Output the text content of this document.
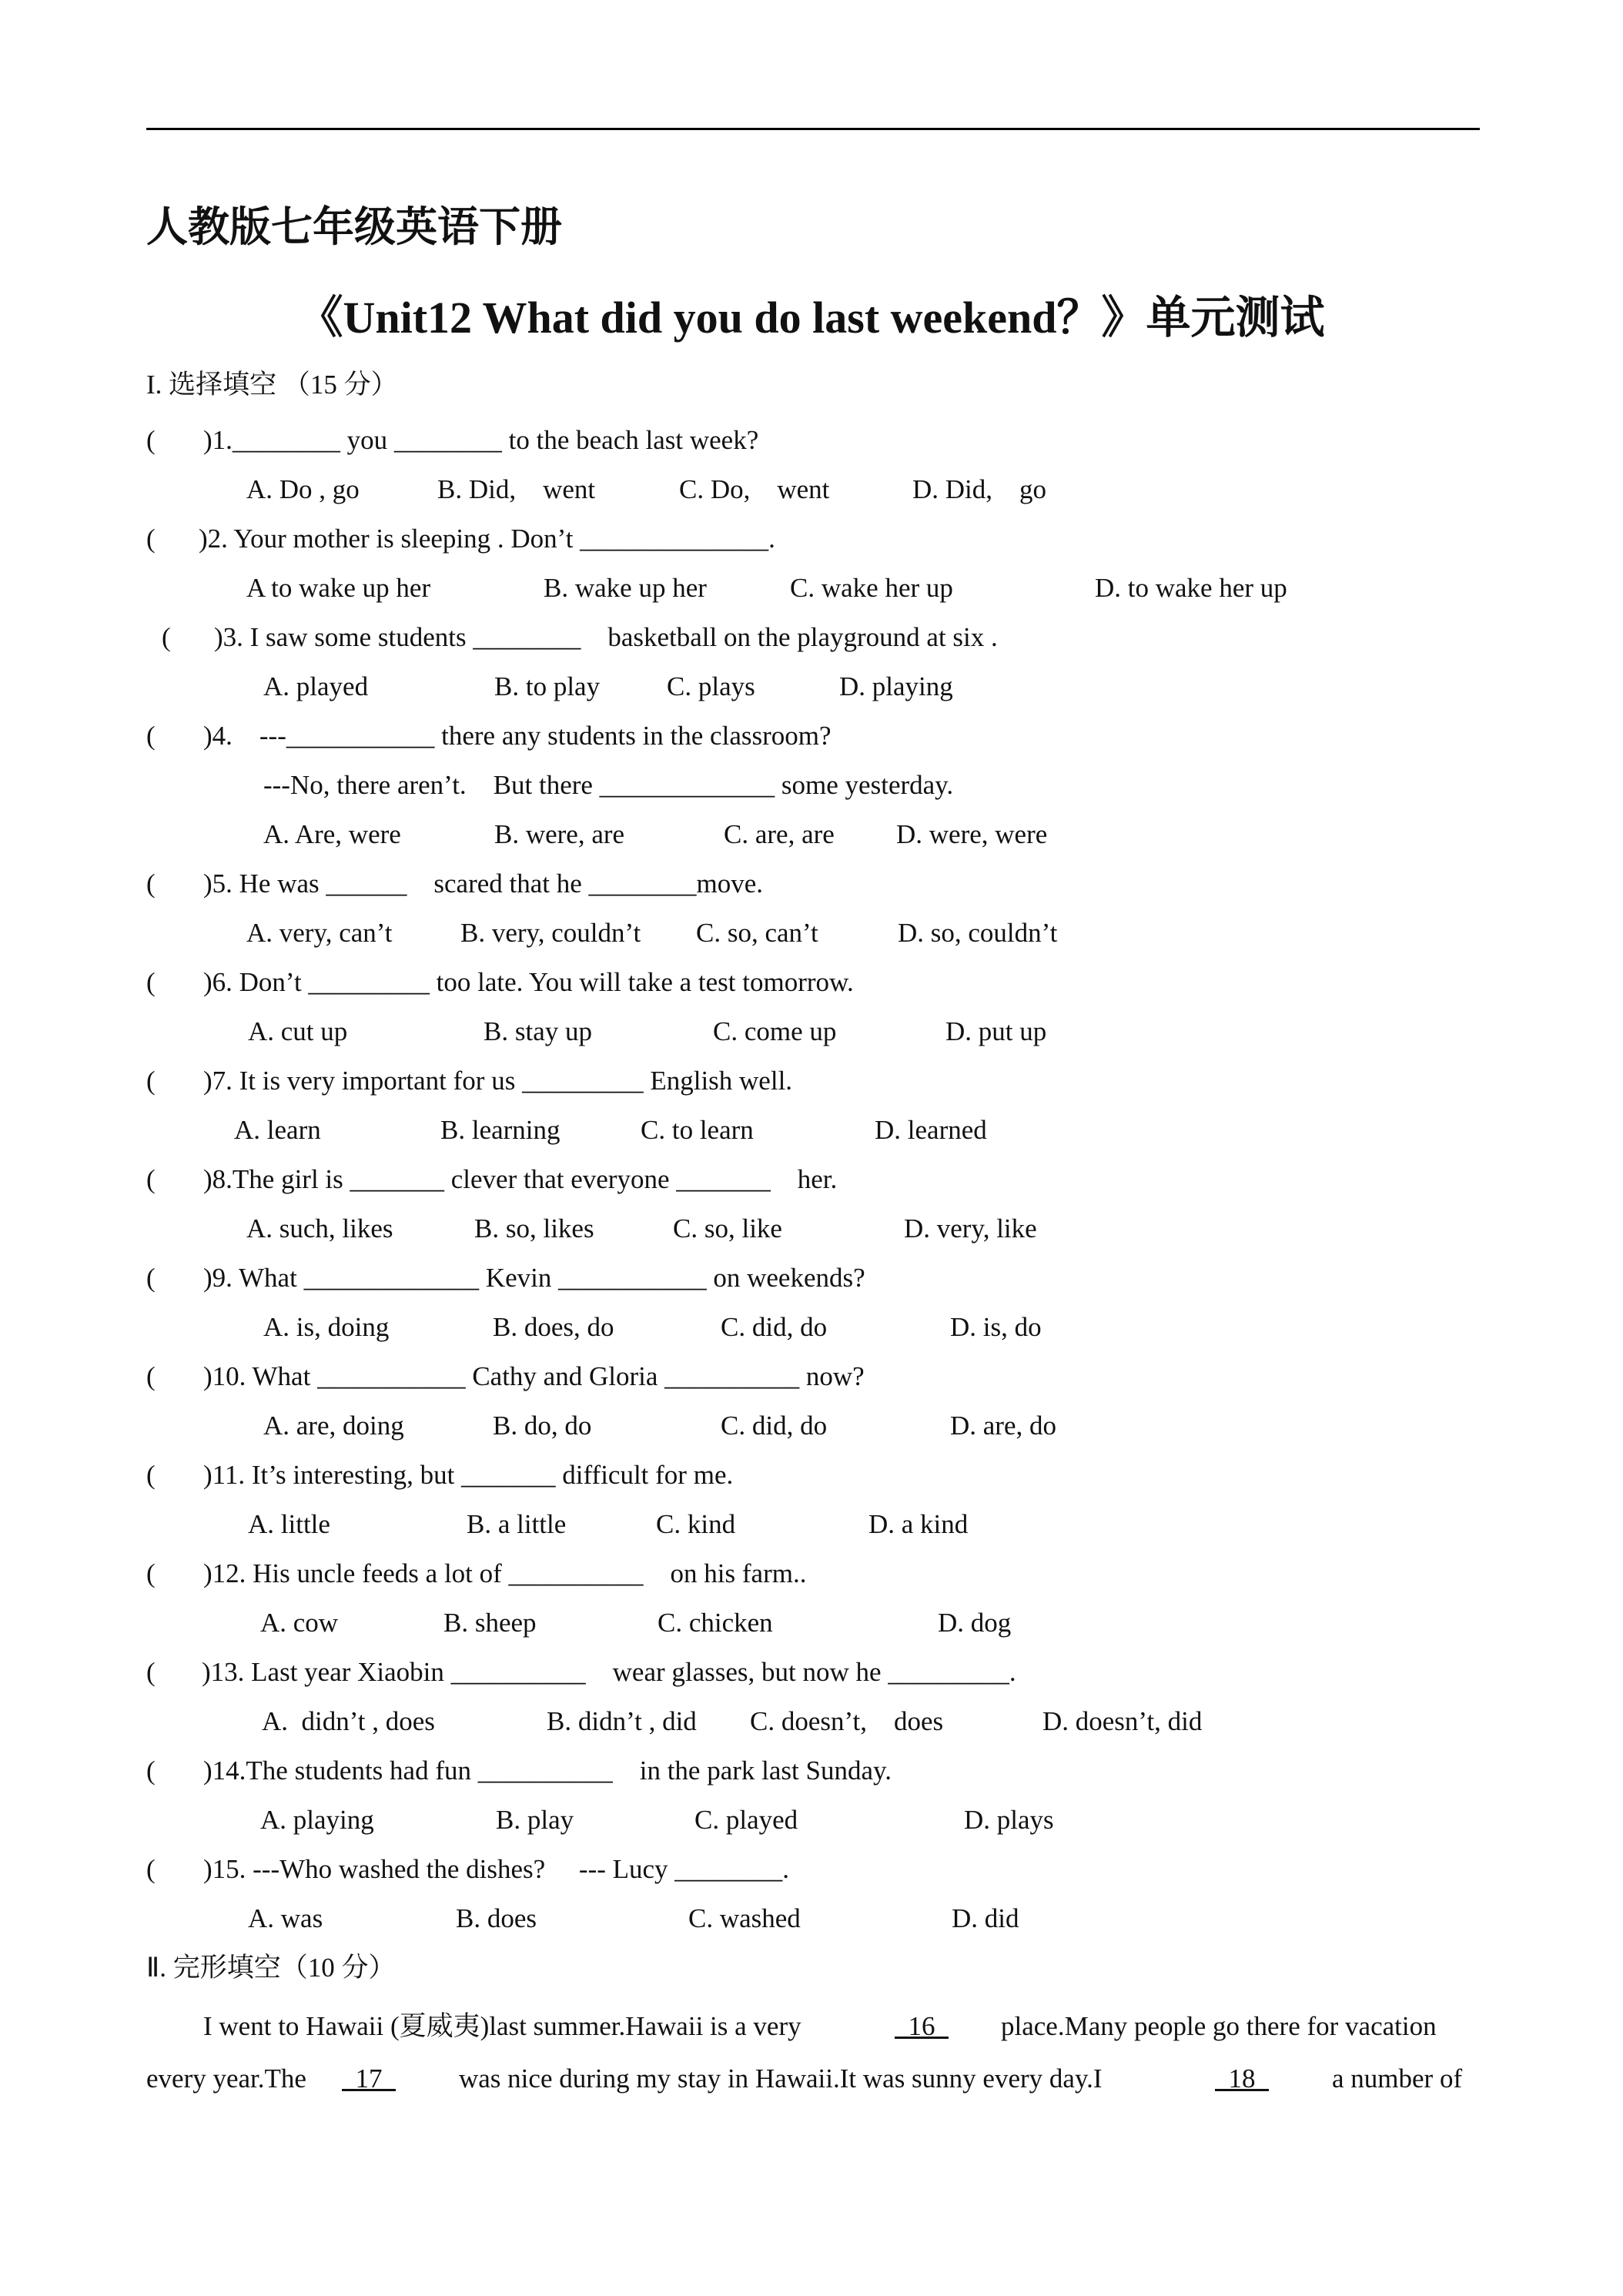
人教版七年级英语下册
《Unit12 What did you do last weekend？》单元测试
I. 选择填空 （15 分）
( )1.________ you ________ to the beach last week?
A. Do , go	B. Did,    went	C. Do,    went	D. Did,    go
( )2. Your mother is sleeping . Don’t ______________.
A to wake up her	B. wake up her	C. wake her up	D. to wake her up
( )3. I saw some students ________    basketball on the playground at six .
A. played	B. to play C. plays	D. playing
( )4.    ---___________ there any students in the classroom?
---No, there aren’t.    But there _____________ some yesterday.
A. Are, were	B. were, are	C. are, are D. were, were
( )5. He was ______    scared that he ________move.
A. very, can’t	B. very, couldn’t C. so, can’t	D. so, couldn’t
( )6. Don’t _________ too late. You will take a test tomorrow.
A. cut up	B. stay up	C. come up	D. put up
( )7. It is very important for us _________ English well.
A. learn	B. learning	C. to learn	D. learned
( )8.The girl is _______ clever that everyone _______    her.
A. such, likes	B. so, likes	C. so, like	D. very, like
( )9. What _____________ Kevin ___________ on weekends?
A. is, doing	B. does, do	C. did, do	D. is, do
( )10. What ___________ Cathy and Gloria __________ now?
A. are, doing	B. do, do	C. did, do	D. are, do
( )11. It’s interesting, but _______ difficult for me.
A. little	B. a little	C. kind	D. a kind
( )12. His uncle feeds a lot of __________    on his farm..
A. cow	B. sheep	C. chicken	D. dog
( )13. Last year Xiaobin __________    wear glasses, but now he _________.
A.  didn’t , does	B. didn’t , did C. doesn’t,    does	D. doesn’t, did
( )14.The students had fun __________    in the park last Sunday.
A. playing	B. play	C. played	D. plays
( )15. ---Who washed the dishes?     --- Lucy ________.
A. was	B. does	C. washed	D. did
Ⅱ. 完形填空（10 分）
I went to Hawaii (夏威夷)last summer.Hawaii is a very	16 place.Many people go there for vacation
every year.The 17 was nice during my stay in Hawaii.It was sunny every day.I	18 a number of
